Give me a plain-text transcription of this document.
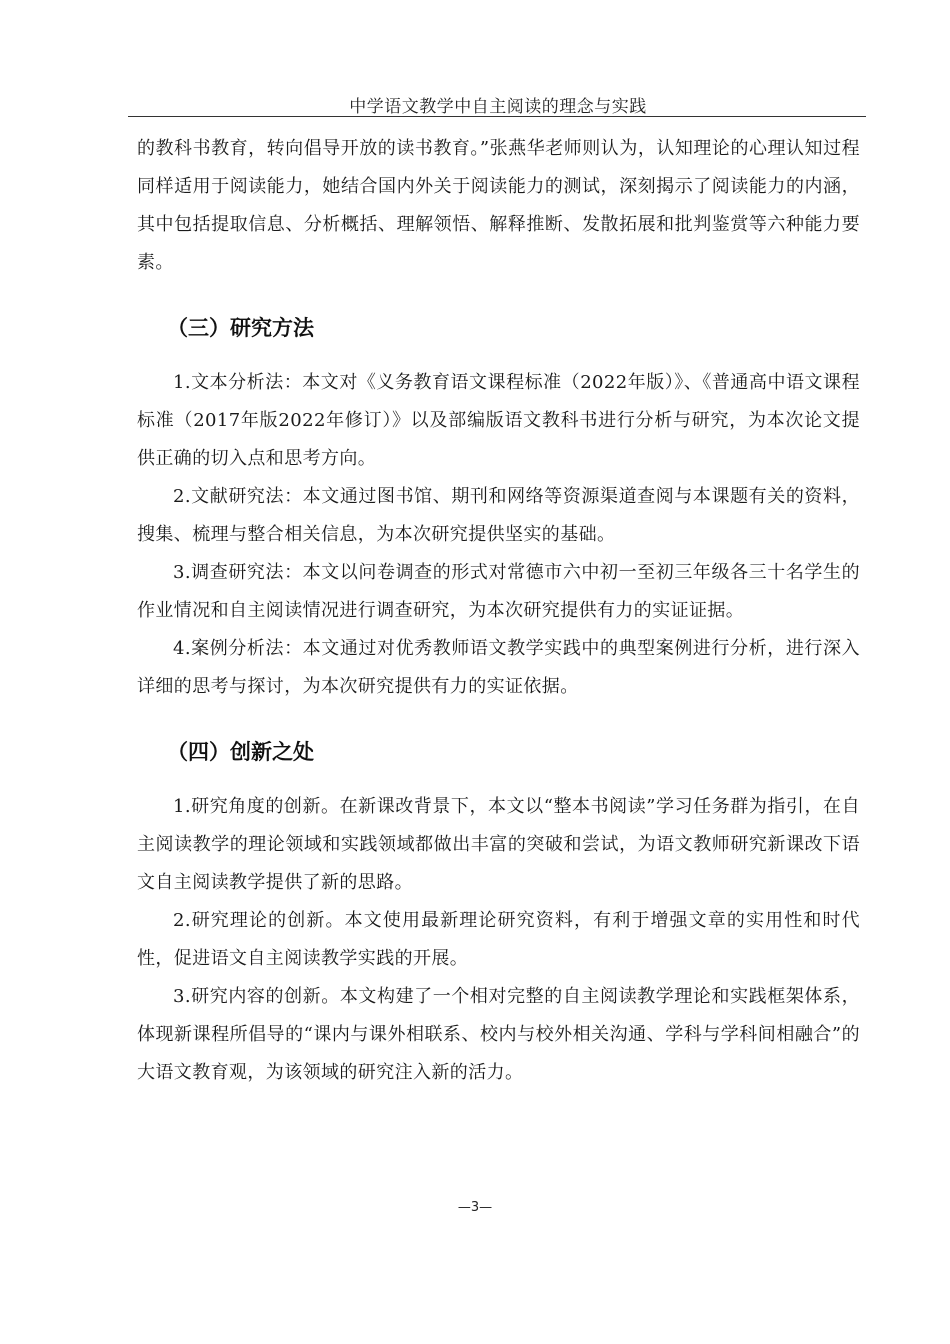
中学语文教学中自主阅读的理念与实践

的教科书教育，转向倡导开放的读书教育。”张燕华老师则认为，认知理论的心理认知过程同样适用于阅读能力，她结合国内外关于阅读能力的测试，深刻揭示了阅读能力的内涵，其中包括提取信息、分析概括、理解领悟、解释推断、发散拓展和批判鉴赏等六种能力要素。

（三）研究方法

1.文本分析法：本文对《义务教育语文课程标准（2022年版）》、《普通高中语文课程标准（2017年版2022年修订）》以及部编版语文教科书进行分析与研究，为本次论文提供正确的切入点和思考方向。

2.文献研究法：本文通过图书馆、期刊和网络等资源渠道查阅与本课题有关的资料，搜集、梳理与整合相关信息，为本次研究提供坚实的基础。

3.调查研究法：本文以问卷调查的形式对常德市六中初一至初三年级各三十名学生的作业情况和自主阅读情况进行调查研究，为本次研究提供有力的实证证据。

4.案例分析法：本文通过对优秀教师语文教学实践中的典型案例进行分析，进行深入详细的思考与探讨，为本次研究提供有力的实证依据。

（四）创新之处

1.研究角度的创新。在新课改背景下，本文以“整本书阅读”学习任务群为指引，在自主阅读教学的理论领域和实践领域都做出丰富的突破和尝试，为语文教师研究新课改下语文自主阅读教学提供了新的思路。

2.研究理论的创新。本文使用最新理论研究资料，有利于增强文章的实用性和时代性，促进语文自主阅读教学实践的开展。

3.研究内容的创新。本文构建了一个相对完整的自主阅读教学理论和实践框架体系，体现新课程所倡导的“课内与课外相联系、校内与校外相关沟通、学科与学科间相融合”的大语文教育观，为该领域的研究注入新的活力。

—3—
